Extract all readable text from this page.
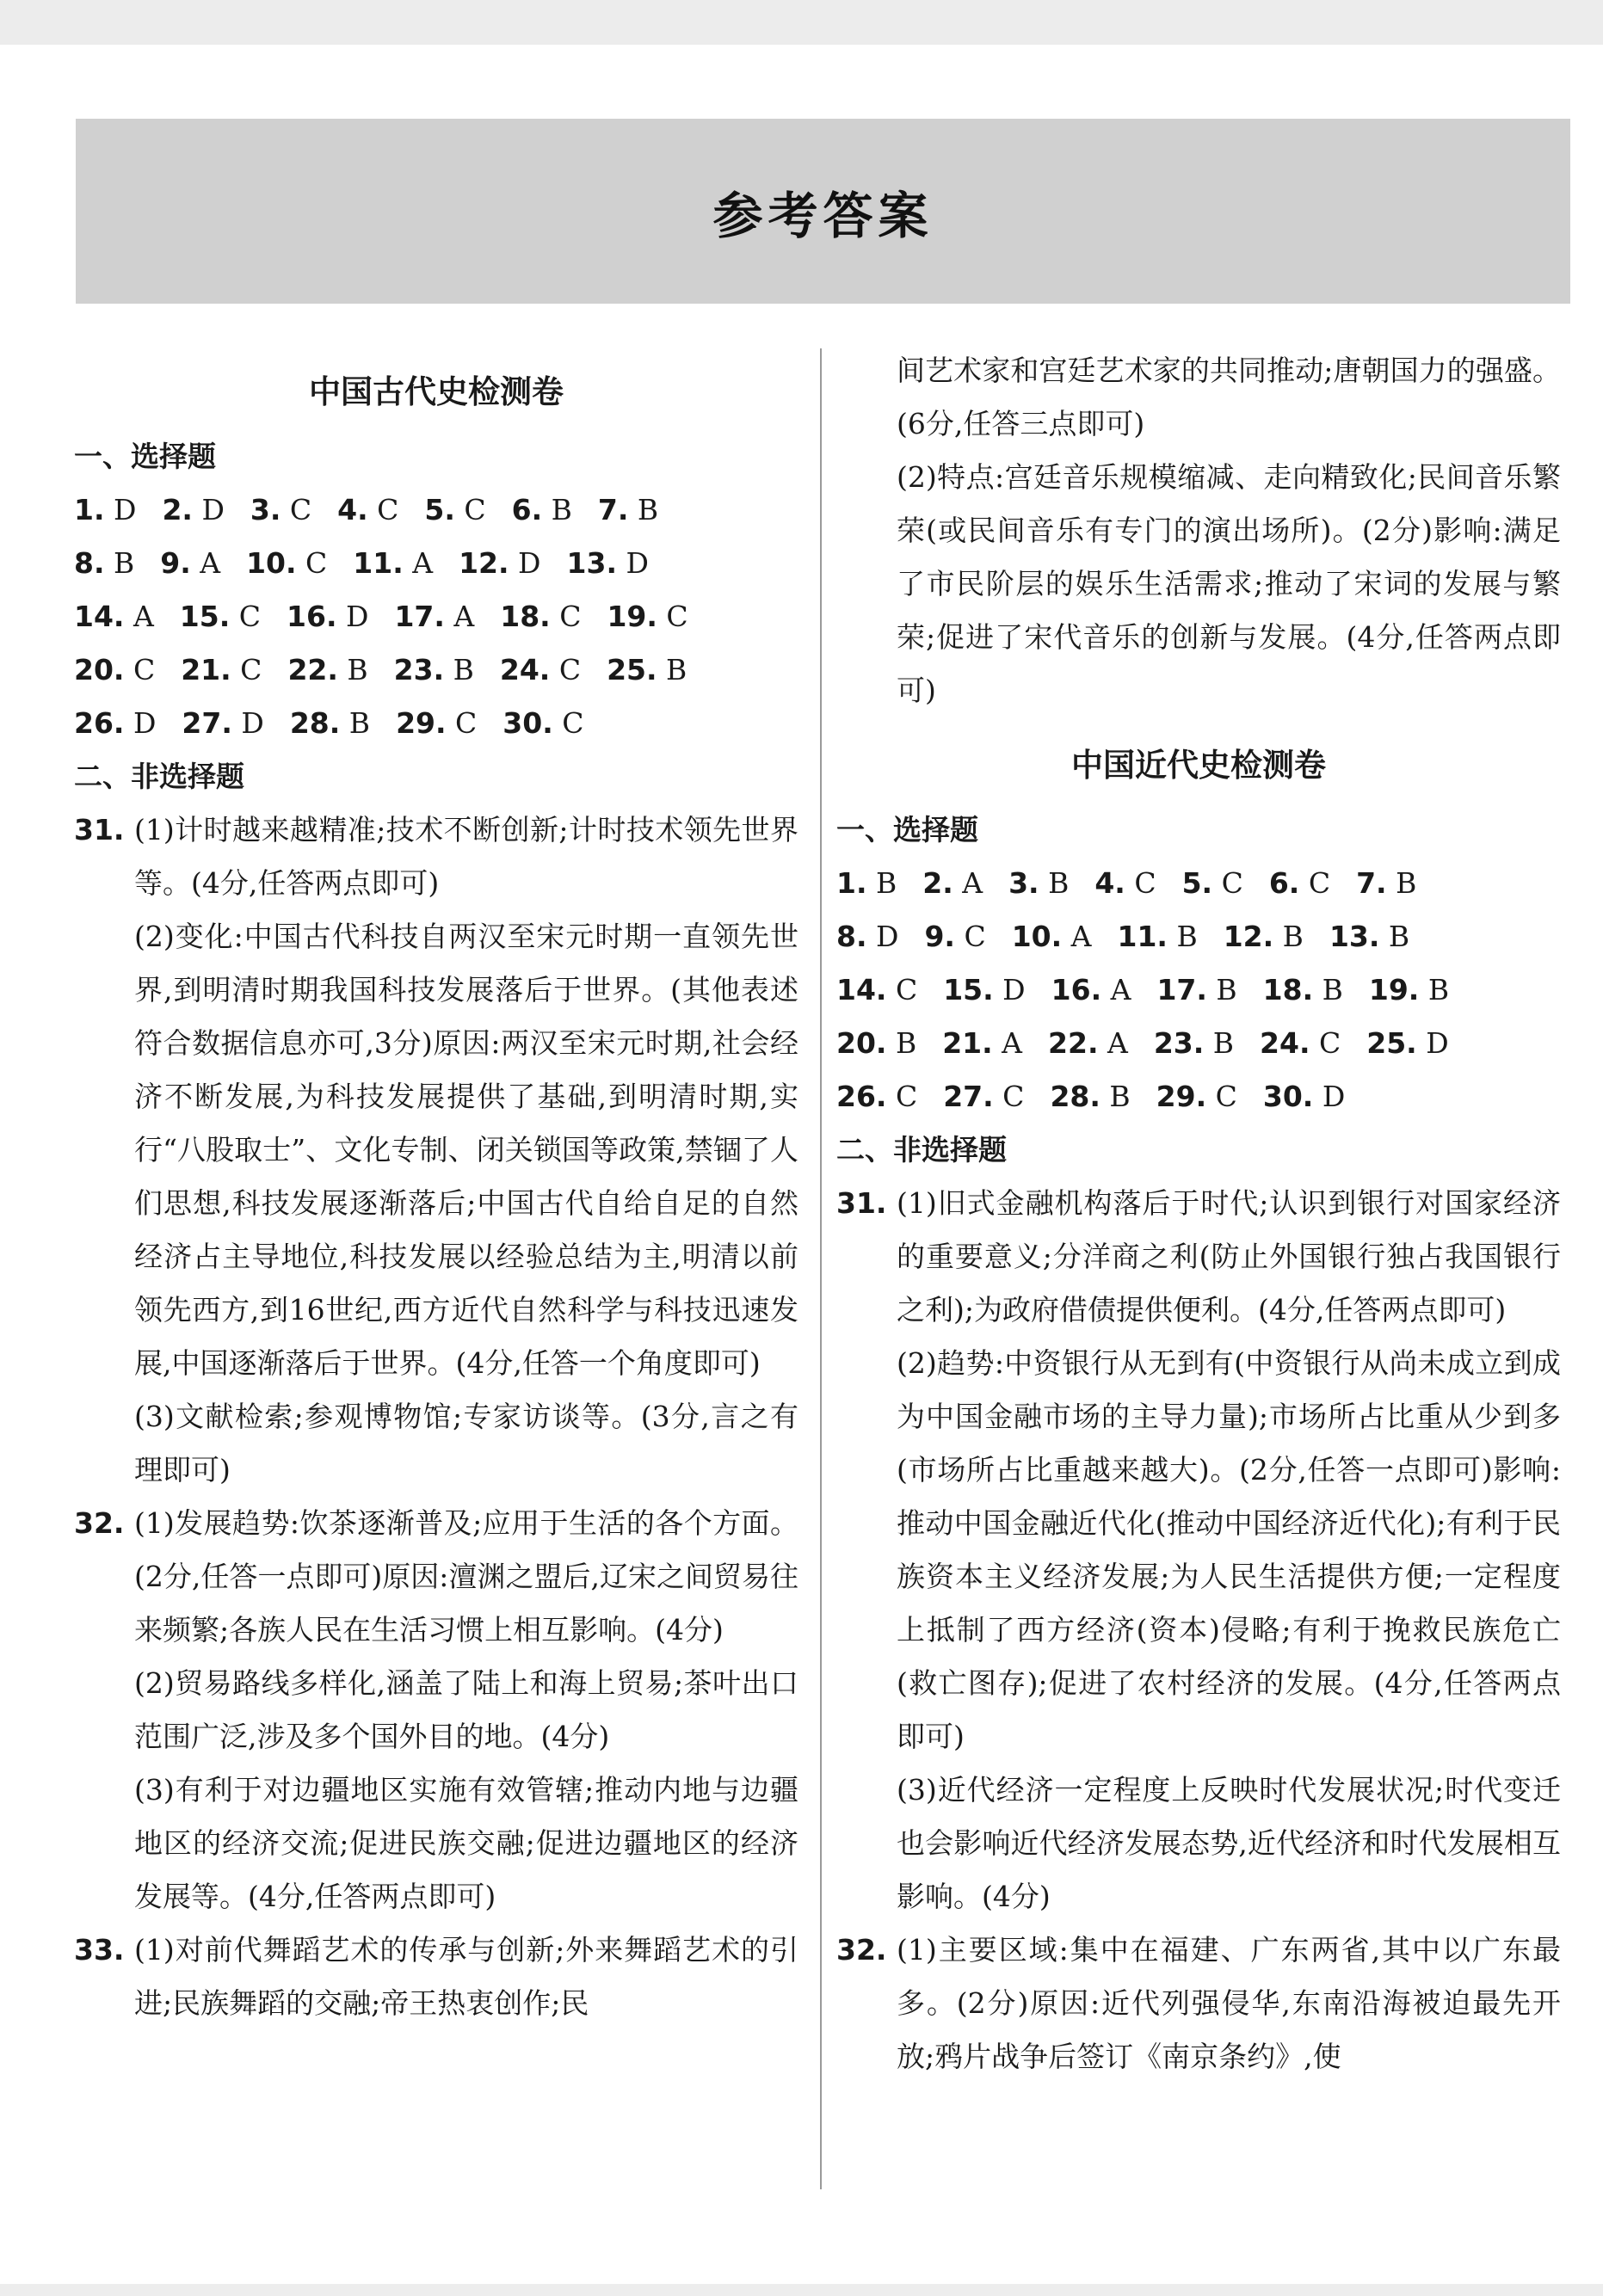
参考答案
中国古代史检测卷
一、选择题
1. D 2. D 3. C 4. C 5. C 6. B 7. B
8. B 9. A 10. C 11. A 12. D 13. D
14. A 15. C 16. D 17. A 18. C 19. C
20. C 21. C 22. B 23. B 24. C 25. B
26. D 27. D 28. B 29. C 30. C
二、非选择题
31. (1)计时越来越精准;技术不断创新;计时技术领先世界等。(4分,任答两点即可)

(2)变化:中国古代科技自两汉至宋元时期一直领先世界,到明清时期我国科技发展落后于世界。(其他表述符合数据信息亦可,3分)原因:两汉至宋元时期,社会经济不断发展,为科技发展提供了基础,到明清时期,实行“八股取士”、文化专制、闭关锁国等政策,禁锢了人们思想,科技发展逐渐落后;中国古代自给自足的自然经济占主导地位,科技发展以经验总结为主,明清以前领先西方,到16世纪,西方近代自然科学与科技迅速发展,中国逐渐落后于世界。(4分,任答一个角度即可)

(3)文献检索;参观博物馆;专家访谈等。(3分,言之有理即可)

32. (1)发展趋势:饮茶逐渐普及;应用于生活的各个方面。(2分,任答一点即可)原因:澶渊之盟后,辽宋之间贸易往来频繁;各族人民在生活习惯上相互影响。(4分)

(2)贸易路线多样化,涵盖了陆上和海上贸易;茶叶出口范围广泛,涉及多个国外目的地。(4分)

(3)有利于对边疆地区实施有效管辖;推动内地与边疆地区的经济交流;促进民族交融;促进边疆地区的经济发展等。(4分,任答两点即可)

33. (1)对前代舞蹈艺术的传承与创新;外来舞蹈艺术的引进;民族舞蹈的交融;帝王热衷创作;民

间艺术家和宫廷艺术家的共同推动;唐朝国力的强盛。(6分,任答三点即可)

(2)特点:宫廷音乐规模缩减、走向精致化;民间音乐繁荣(或民间音乐有专门的演出场所)。(2分)影响:满足了市民阶层的娱乐生活需求;推动了宋词的发展与繁荣;促进了宋代音乐的创新与发展。(4分,任答两点即可)

中国近代史检测卷
一、选择题
1. B 2. A 3. B 4. C 5. C 6. C 7. B
8. D 9. C 10. A 11. B 12. B 13. B
14. C 15. D 16. A 17. B 18. B 19. B
20. B 21. A 22. A 23. B 24. C 25. D
26. C 27. C 28. B 29. C 30. D
二、非选择题
31. (1)旧式金融机构落后于时代;认识到银行对国家经济的重要意义;分洋商之利(防止外国银行独占我国银行之利);为政府借债提供便利。(4分,任答两点即可)

(2)趋势:中资银行从无到有(中资银行从尚未成立到成为中国金融市场的主导力量);市场所占比重从少到多(市场所占比重越来越大)。(2分,任答一点即可)影响:推动中国金融近代化(推动中国经济近代化);有利于民族资本主义经济发展;为人民生活提供方便;一定程度上抵制了西方经济(资本)侵略;有利于挽救民族危亡(救亡图存);促进了农村经济的发展。(4分,任答两点即可)

(3)近代经济一定程度上反映时代发展状况;时代变迁也会影响近代经济发展态势,近代经济和时代发展相互影响。(4分)

32. (1)主要区域:集中在福建、广东两省,其中以广东最多。(2分)原因:近代列强侵华,东南沿海被迫最先开放;鸦片战争后签订《南京条约》,使
